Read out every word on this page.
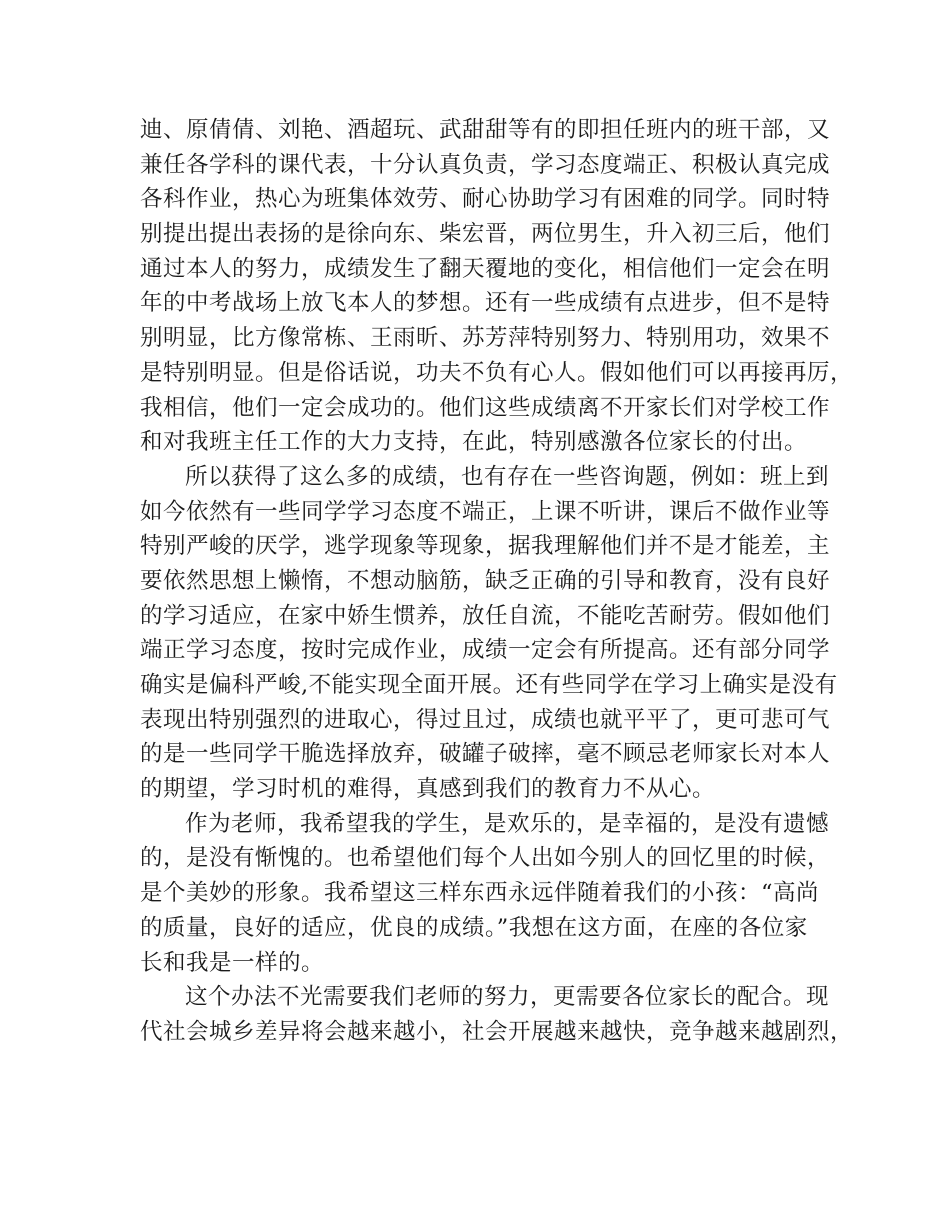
迪、原倩倩、刘艳、酒超玩、武甜甜等有的即担任班内的班干部，又
兼任各学科的课代表，十分认真负责，学习态度端正、积极认真完成
各科作业，热心为班集体效劳、耐心协助学习有困难的同学。同时特
别提出提出表扬的是徐向东、柴宏晋，两位男生，升入初三后，他们
通过本人的努力，成绩发生了翻天覆地的变化，相信他们一定会在明
年的中考战场上放飞本人的梦想。还有一些成绩有点进步，但不是特
别明显，比方像常栋、王雨昕、苏芳萍特别努力、特别用功，效果不
是特别明显。但是俗话说，功夫不负有心人。假如他们可以再接再厉，
我相信，他们一定会成功的。他们这些成绩离不开家长们对学校工作
和对我班主任工作的大力支持，在此，特别感激各位家长的付出。
所以获得了这么多的成绩，也有存在一些咨询题，例如：班上到
如今依然有一些同学学习态度不端正，上课不听讲，课后不做作业等
特别严峻的厌学，逃学现象等现象，据我理解他们并不是才能差，主
要依然思想上懒惰，不想动脑筋，缺乏正确的引导和教育，没有良好
的学习适应，在家中娇生惯养，放任自流，不能吃苦耐劳。假如他们
端正学习态度，按时完成作业，成绩一定会有所提高。还有部分同学
确实是偏科严峻,不能实现全面开展。还有些同学在学习上确实是没有
表现出特别强烈的进取心，得过且过，成绩也就平平了，更可悲可气
的是一些同学干脆选择放弃，破罐子破摔，毫不顾忌老师家长对本人
的期望，学习时机的难得，真感到我们的教育力不从心。
作为老师，我希望我的学生，是欢乐的，是幸福的，是没有遗憾
的，是没有惭愧的。也希望他们每个人出如今别人的回忆里的时候，
是个美妙的形象。我希望这三样东西永远伴随着我们的小孩：“高尚
的质量，良好的适应，优良的成绩。”我想在这方面，在座的各位家
长和我是一样的。
这个办法不光需要我们老师的努力，更需要各位家长的配合。现
代社会城乡差异将会越来越小，社会开展越来越快，竞争越来越剧烈，
